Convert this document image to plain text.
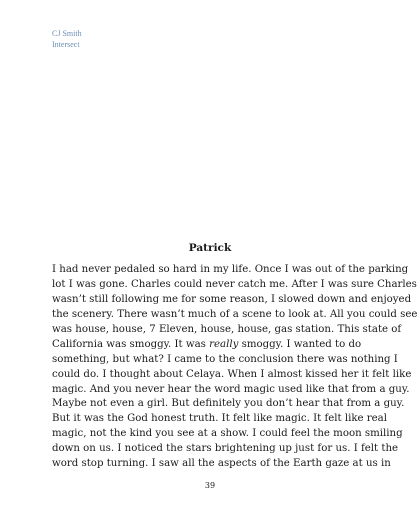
CJ Smith
Intersect
Patrick
I had never pedaled so hard in my life. Once I was out of the parking
lot I was gone. Charles could never catch me. After I was sure Charles
wasn’t still following me for some reason, I slowed down and enjoyed
the scenery. There wasn’t much of a scene to look at. All you could see
was house, house, 7 Eleven, house, house, gas station. This state of
California was smoggy. It was really smoggy. I wanted to do
something, but what? I came to the conclusion there was nothing I
could do. I thought about Celaya. When I almost kissed her it felt like
magic. And you never hear the word magic used like that from a guy.
Maybe not even a girl. But definitely you don’t hear that from a guy.
But it was the God honest truth. It felt like magic. It felt like real
magic, not the kind you see at a show. I could feel the moon smiling
down on us. I noticed the stars brightening up just for us. I felt the
word stop turning. I saw all the aspects of the Earth gaze at us in
39
